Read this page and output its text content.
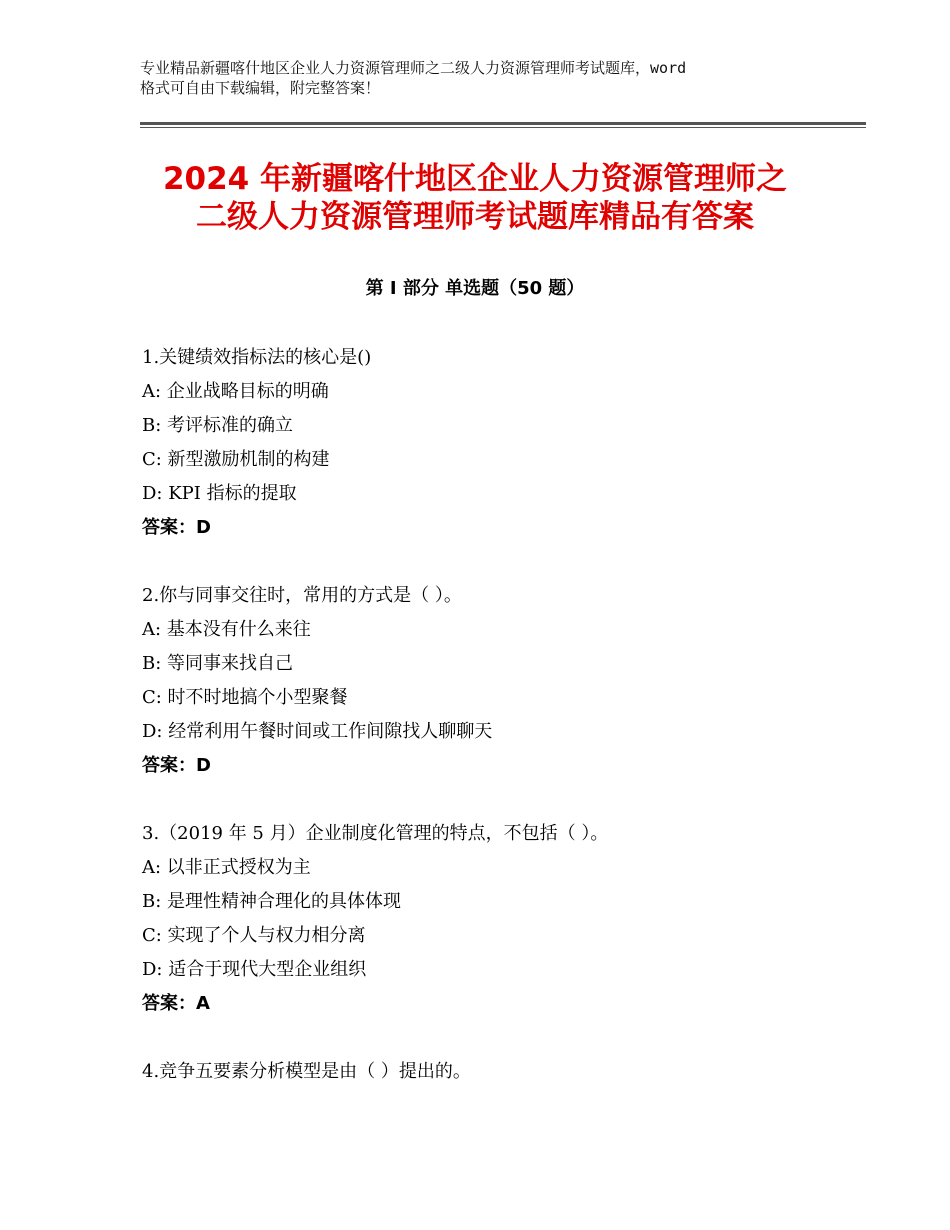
专业精品新疆喀什地区企业人力资源管理师之二级人力资源管理师考试题库，word
格式可自由下载编辑，附完整答案！
2024 年新疆喀什地区企业人力资源管理师之
二级人力资源管理师考试题库精品有答案
第 I 部分 单选题（50 题）
1.关键绩效指标法的核心是()
A: 企业战略目标的明确
B: 考评标准的确立
C: 新型激励机制的构建
D: KPI 指标的提取
答案：D
2.你与同事交往时，常用的方式是（ ）。
A: 基本没有什么来往
B: 等同事来找自己
C: 时不时地搞个小型聚餐
D: 经常利用午餐时间或工作间隙找人聊聊天
答案：D
3.（2019 年 5 月）企业制度化管理的特点，不包括（ ）。
A: 以非正式授权为主
B: 是理性精神合理化的具体体现
C: 实现了个人与权力相分离
D: 适合于现代大型企业组织
答案：A
4.竞争五要素分析模型是由（ ）提出的。
